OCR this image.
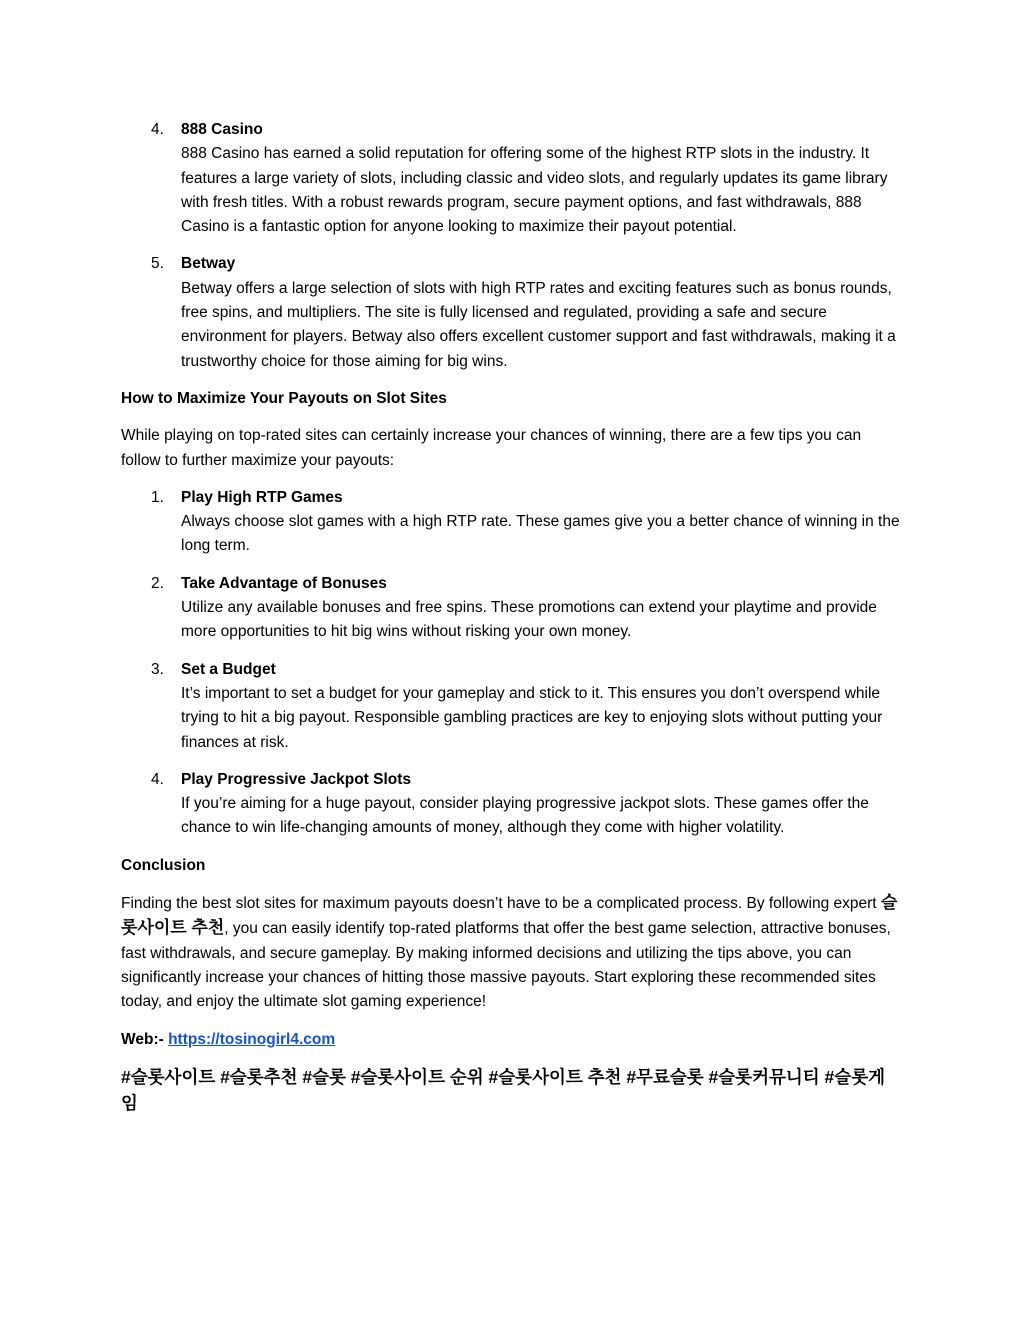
4. 888 Casino
888 Casino has earned a solid reputation for offering some of the highest RTP slots in the industry. It features a large variety of slots, including classic and video slots, and regularly updates its game library with fresh titles. With a robust rewards program, secure payment options, and fast withdrawals, 888 Casino is a fantastic option for anyone looking to maximize their payout potential.
5. Betway
Betway offers a large selection of slots with high RTP rates and exciting features such as bonus rounds, free spins, and multipliers. The site is fully licensed and regulated, providing a safe and secure environment for players. Betway also offers excellent customer support and fast withdrawals, making it a trustworthy choice for those aiming for big wins.
How to Maximize Your Payouts on Slot Sites
While playing on top-rated sites can certainly increase your chances of winning, there are a few tips you can follow to further maximize your payouts:
1. Play High RTP Games
Always choose slot games with a high RTP rate. These games give you a better chance of winning in the long term.
2. Take Advantage of Bonuses
Utilize any available bonuses and free spins. These promotions can extend your playtime and provide more opportunities to hit big wins without risking your own money.
3. Set a Budget
It’s important to set a budget for your gameplay and stick to it. This ensures you don’t overspend while trying to hit a big payout. Responsible gambling practices are key to enjoying slots without putting your finances at risk.
4. Play Progressive Jackpot Slots
If you’re aiming for a huge payout, consider playing progressive jackpot slots. These games offer the chance to win life-changing amounts of money, although they come with higher volatility.
Conclusion
Finding the best slot sites for maximum payouts doesn’t have to be a complicated process. By following expert 슬롯사이트 추천, you can easily identify top-rated platforms that offer the best game selection, attractive bonuses, fast withdrawals, and secure gameplay. By making informed decisions and utilizing the tips above, you can significantly increase your chances of hitting those massive payouts. Start exploring these recommended sites today, and enjoy the ultimate slot gaming experience!
Web:- https://tosinogirl4.com
#슬롯사이트 #슬롯추천 #슬롯 #슬롯사이트 순위 #슬롯사이트 추천 #무료슬롯 #슬롯커뮤니티 #슬롯게임
